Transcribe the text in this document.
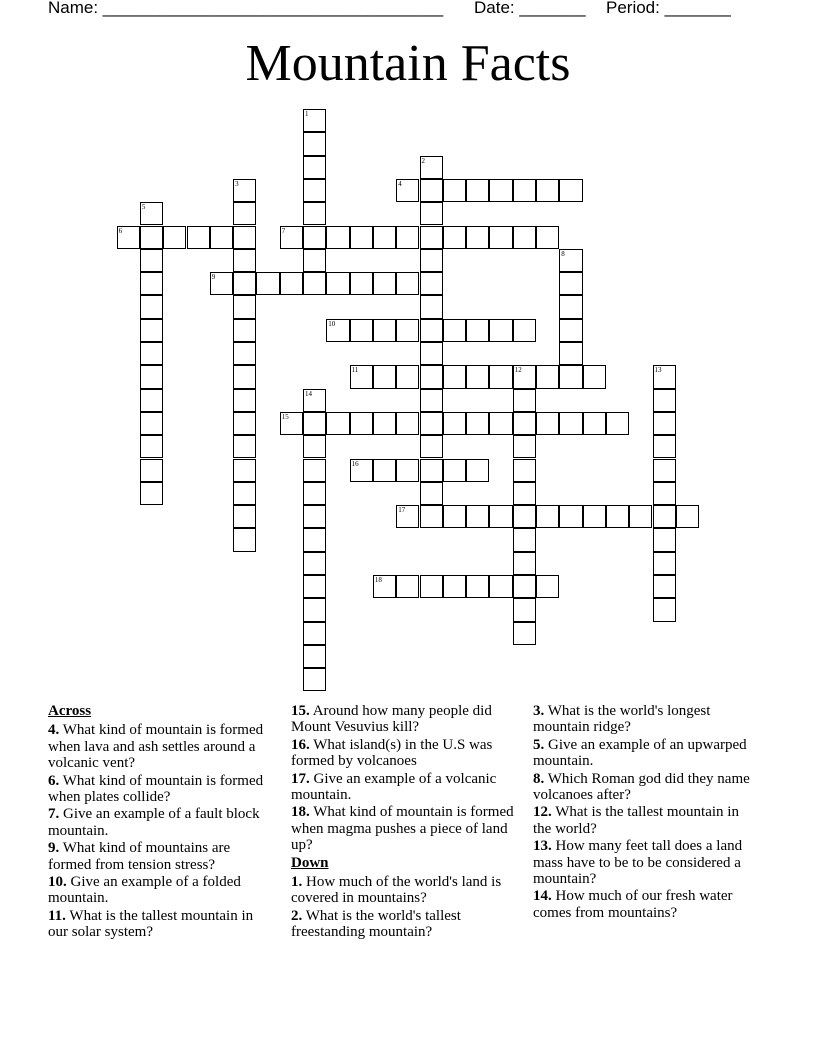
Name: ____________________________________ Date: _______ Period: _______
Mountain Facts
1
2
3	4
5
6	7
8
9
10
11	12	13
14
15
16
17
18
Across
4. What kind of mountain is formed when lava and ash settles around a volcanic vent?
6. What kind of mountain is formed when plates collide?
7. Give an example of a fault block mountain.
9. What kind of mountains are formed from tension stress?
10. Give an example of a folded mountain.
11. What is the tallest mountain in our solar system?
15. Around how many people did Mount Vesuvius kill?
16. What island(s) in the U.S was formed by volcanoes
17. Give an example of a volcanic mountain.
18. What kind of mountain is formed when magma pushes a piece of land up?
Down
1. How much of the world's land is covered in mountains?
2. What is the world's tallest freestanding mountain?
3. What is the world's longest mountain ridge?
5. Give an example of an upwarped mountain.
8. Which Roman god did they name volcanoes after?
12. What is the tallest mountain in the world?
13. How many feet tall does a land mass have to be to be considered a mountain?
14. How much of our fresh water comes from mountains?
